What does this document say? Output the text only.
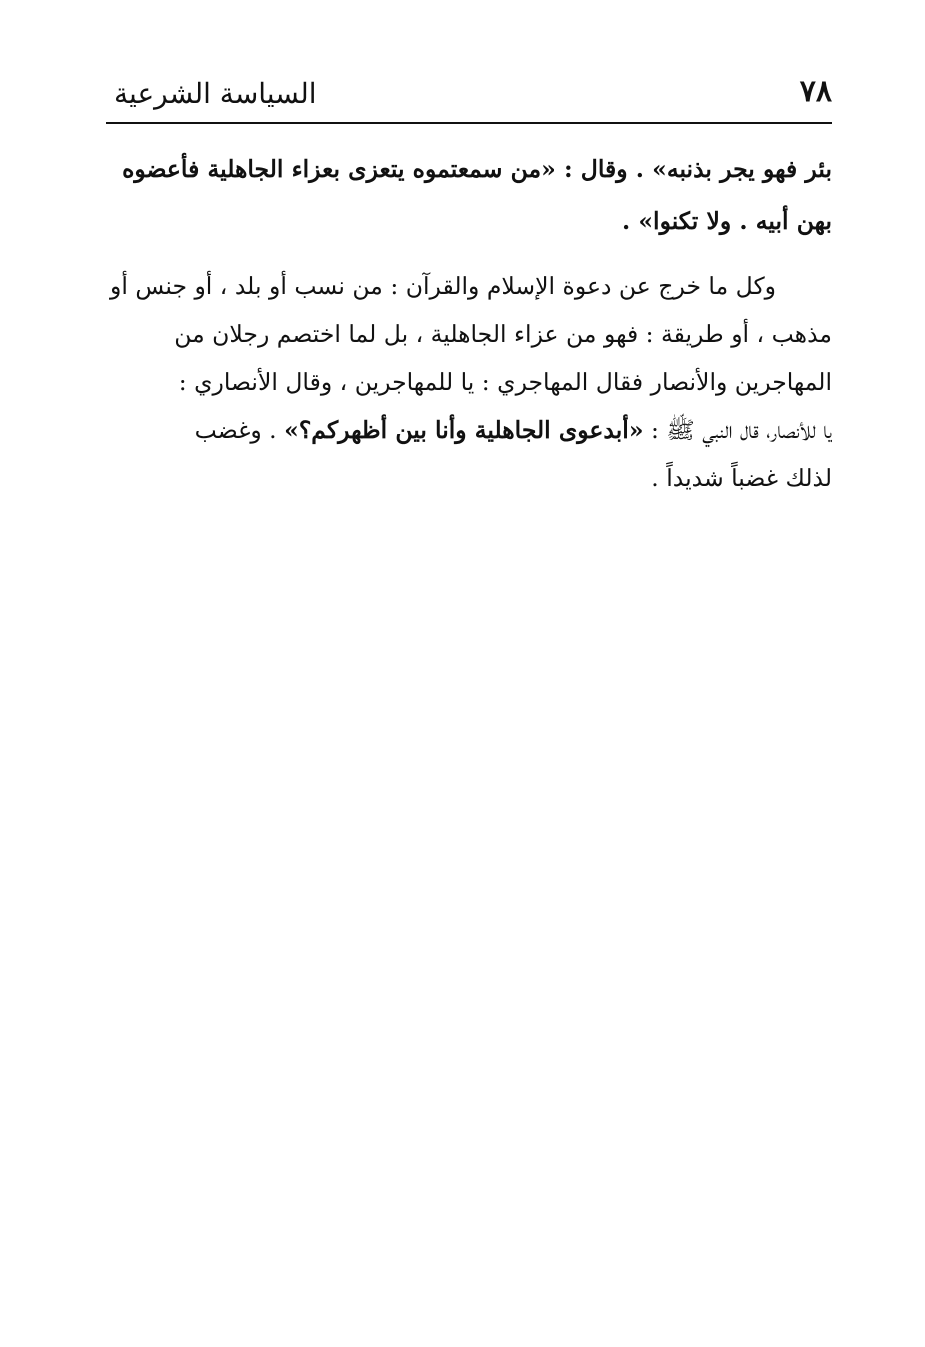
٧٨
السياسة الشرعية
بئر فهو يجر بذنبه» . وقال : «من سمعتموه يتعزى بعزاء الجاهلية فأعضوه
بهن أبيه . ولا تكنوا» .
وكل ما خرج عن دعوة الإسلام والقرآن : من نسب أو بلد ، أو جنس أو
مذهب ، أو طريقة : فهو من عزاء الجاهلية ، بل لما اختصم رجلان من
المهاجرين والأنصار فقال المهاجري : يا للمهاجرين ، وقال الأنصاري :
يا للأنصار، قال النبي ﷺ : «أبدعوى الجاهلية وأنا بين أظهركم؟» . وغضب
لذلك غضباً شديداً .
